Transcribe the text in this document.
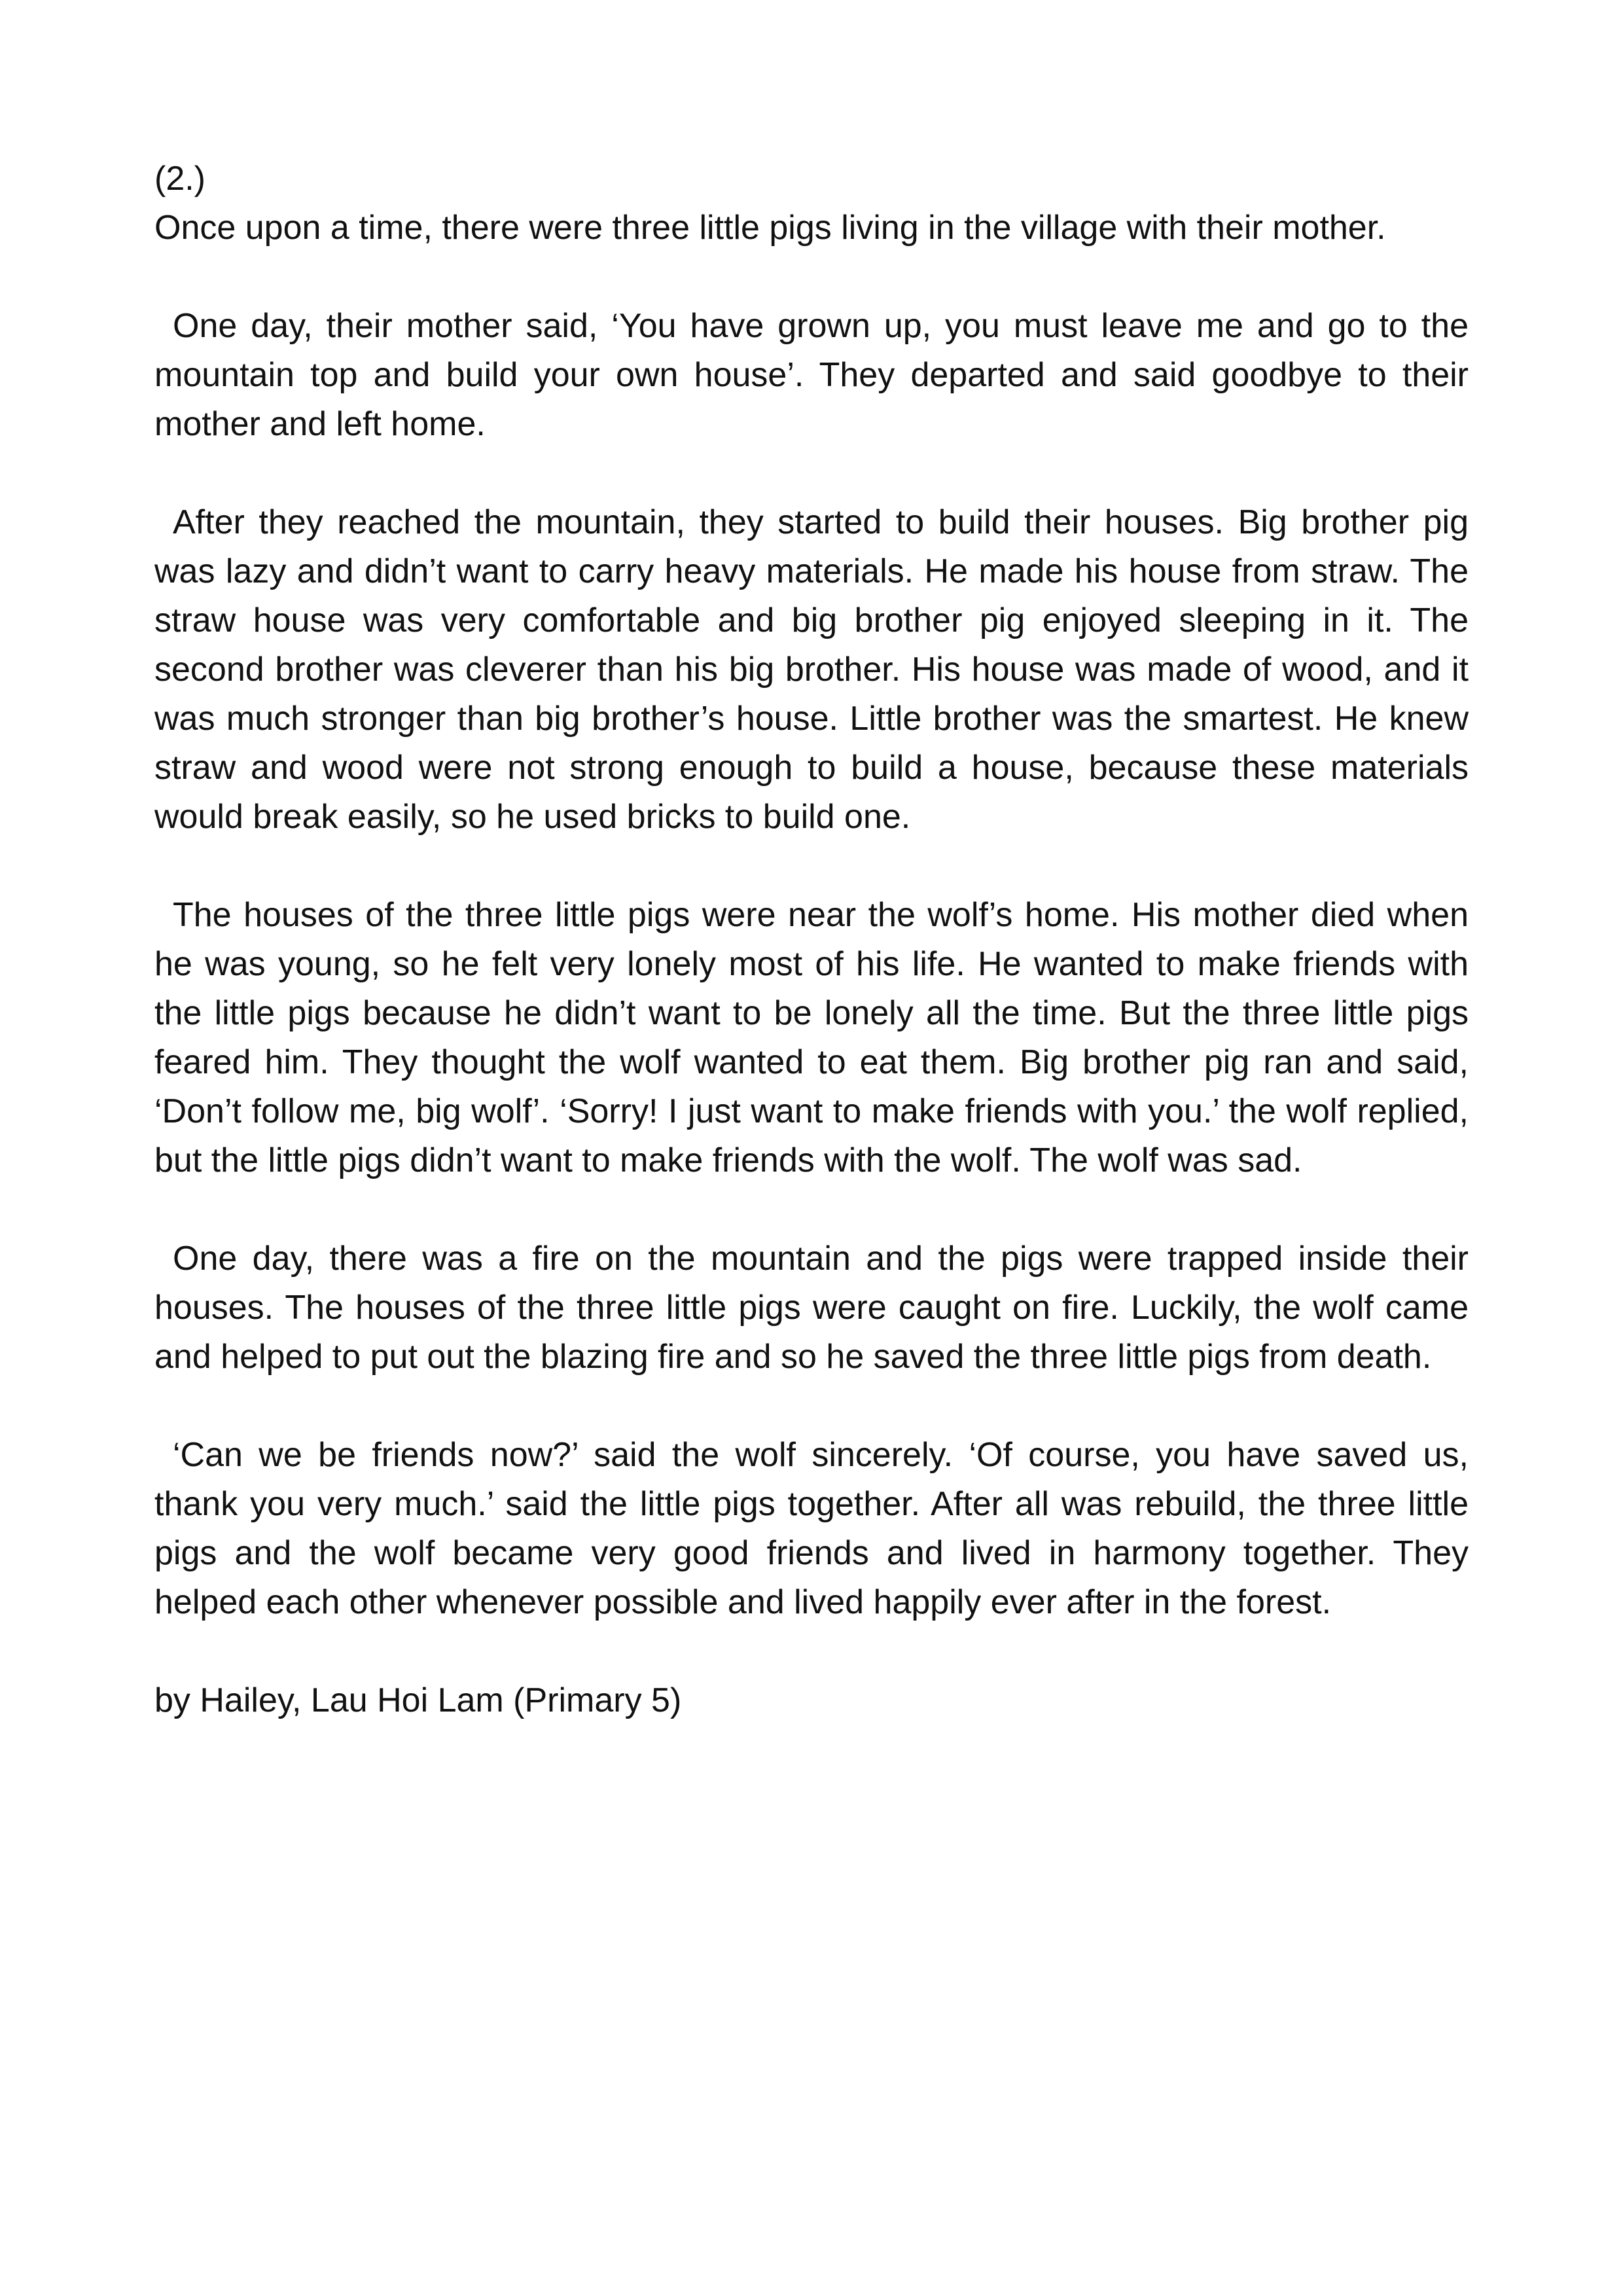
(2.)

Once upon a time, there were three little pigs living in the village with their mother.

One day, their mother said, ‘You have grown up, you must leave me and go to the mountain top and build your own house’. They departed and said goodbye to their mother and left home.

After they reached the mountain, they started to build their houses. Big brother pig was lazy and didn’t want to carry heavy materials. He made his house from straw. The straw house was very comfortable and big brother pig enjoyed sleeping in it. The second brother was cleverer than his big brother. His house was made of wood, and it was much stronger than big brother’s house. Little brother was the smartest. He knew straw and wood were not strong enough to build a house, because these materials would break easily, so he used bricks to build one.

The houses of the three little pigs were near the wolf’s home. His mother died when he was young, so he felt very lonely most of his life. He wanted to make friends with the little pigs because he didn’t want to be lonely all the time. But the three little pigs feared him. They thought the wolf wanted to eat them. Big brother pig ran and said, ‘Don’t follow me, big wolf’. ‘Sorry! I just want to make friends with you.’ the wolf replied, but the little pigs didn’t want to make friends with the wolf. The wolf was sad.

One day, there was a fire on the mountain and the pigs were trapped inside their houses. The houses of the three little pigs were caught on fire. Luckily, the wolf came and helped to put out the blazing fire and so he saved the three little pigs from death.

‘Can we be friends now?’ said the wolf sincerely. ‘Of course, you have saved us, thank you very much.’ said the little pigs together. After all was rebuild, the three little pigs and the wolf became very good friends and lived in harmony together. They helped each other whenever possible and lived happily ever after in the forest.

by Hailey, Lau Hoi Lam (Primary 5)
